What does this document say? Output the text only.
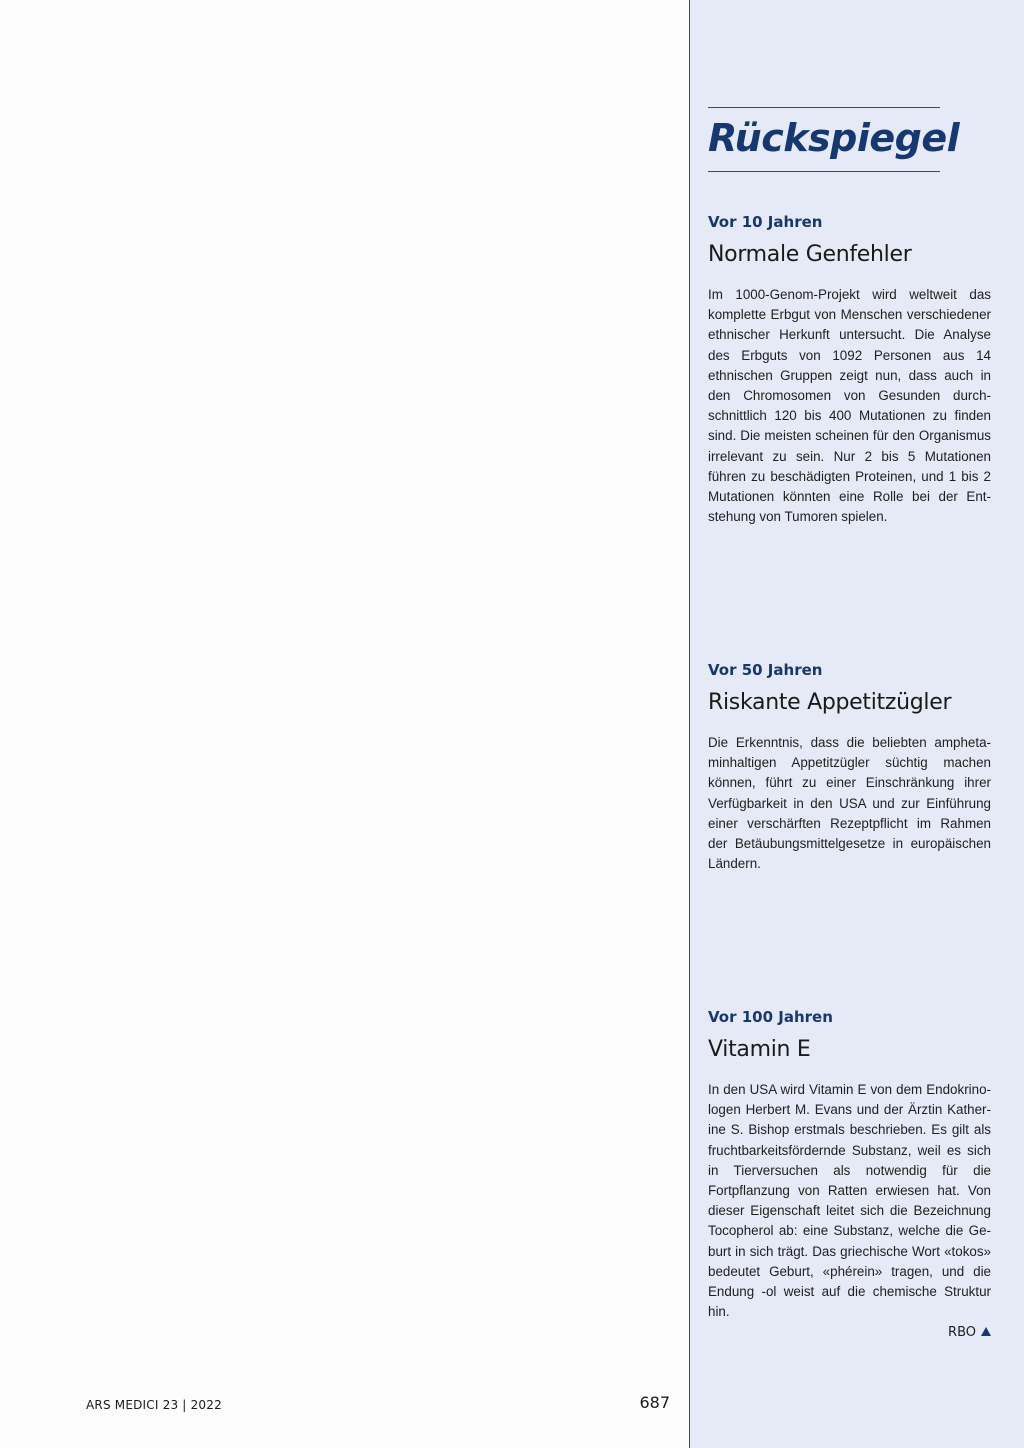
Rückspiegel

Vor 10 Jahren

Normale Genfehler

Im 1000-Genom-Projekt wird weltweit das komplette Erbgut von Menschen verschiedener ethnischer Herkunft untersucht. Die Analyse des Erbguts von 1092 Personen aus 14 ethnischen Gruppen zeigt nun, dass auch in den Chromosomen von Gesunden durchschnittlich 120 bis 400 Mutationen zu finden sind. Die meisten scheinen für den Organismus irrelevant zu sein. Nur 2 bis 5 Mutationen führen zu beschädigten Proteinen, und 1 bis 2 Mutationen könnten eine Rolle bei der Entstehung von Tumoren spielen.

Vor 50 Jahren

Riskante Appetitzügler

Die Erkenntnis, dass die beliebten amphetaminhaltigen Appetitzügler süchtig machen können, führt zu einer Einschränkung ihrer Verfügbarkeit in den USA und zur Einführung einer verschärften Rezeptpflicht im Rahmen der Betäubungsmittelgesetze in europäischen Ländern.

Vor 100 Jahren

Vitamin E

In den USA wird Vitamin E von dem Endokrinologen Herbert M. Evans und der Ärztin Katherine S. Bishop erstmals beschrieben. Es gilt als fruchtbarkeitsfördernde Substanz, weil es sich in Tierversuchen als notwendig für die Fortpflanzung von Ratten erwiesen hat. Von dieser Eigenschaft leitet sich die Bezeichnung Tocopherol ab: eine Substanz, welche die Geburt in sich trägt. Das griechische Wort «tokos» bedeutet Geburt, «phérein» tragen, und die Endung -ol weist auf die chemische Struktur hin.

RBO
ARS MEDICI 23 | 2022	687
